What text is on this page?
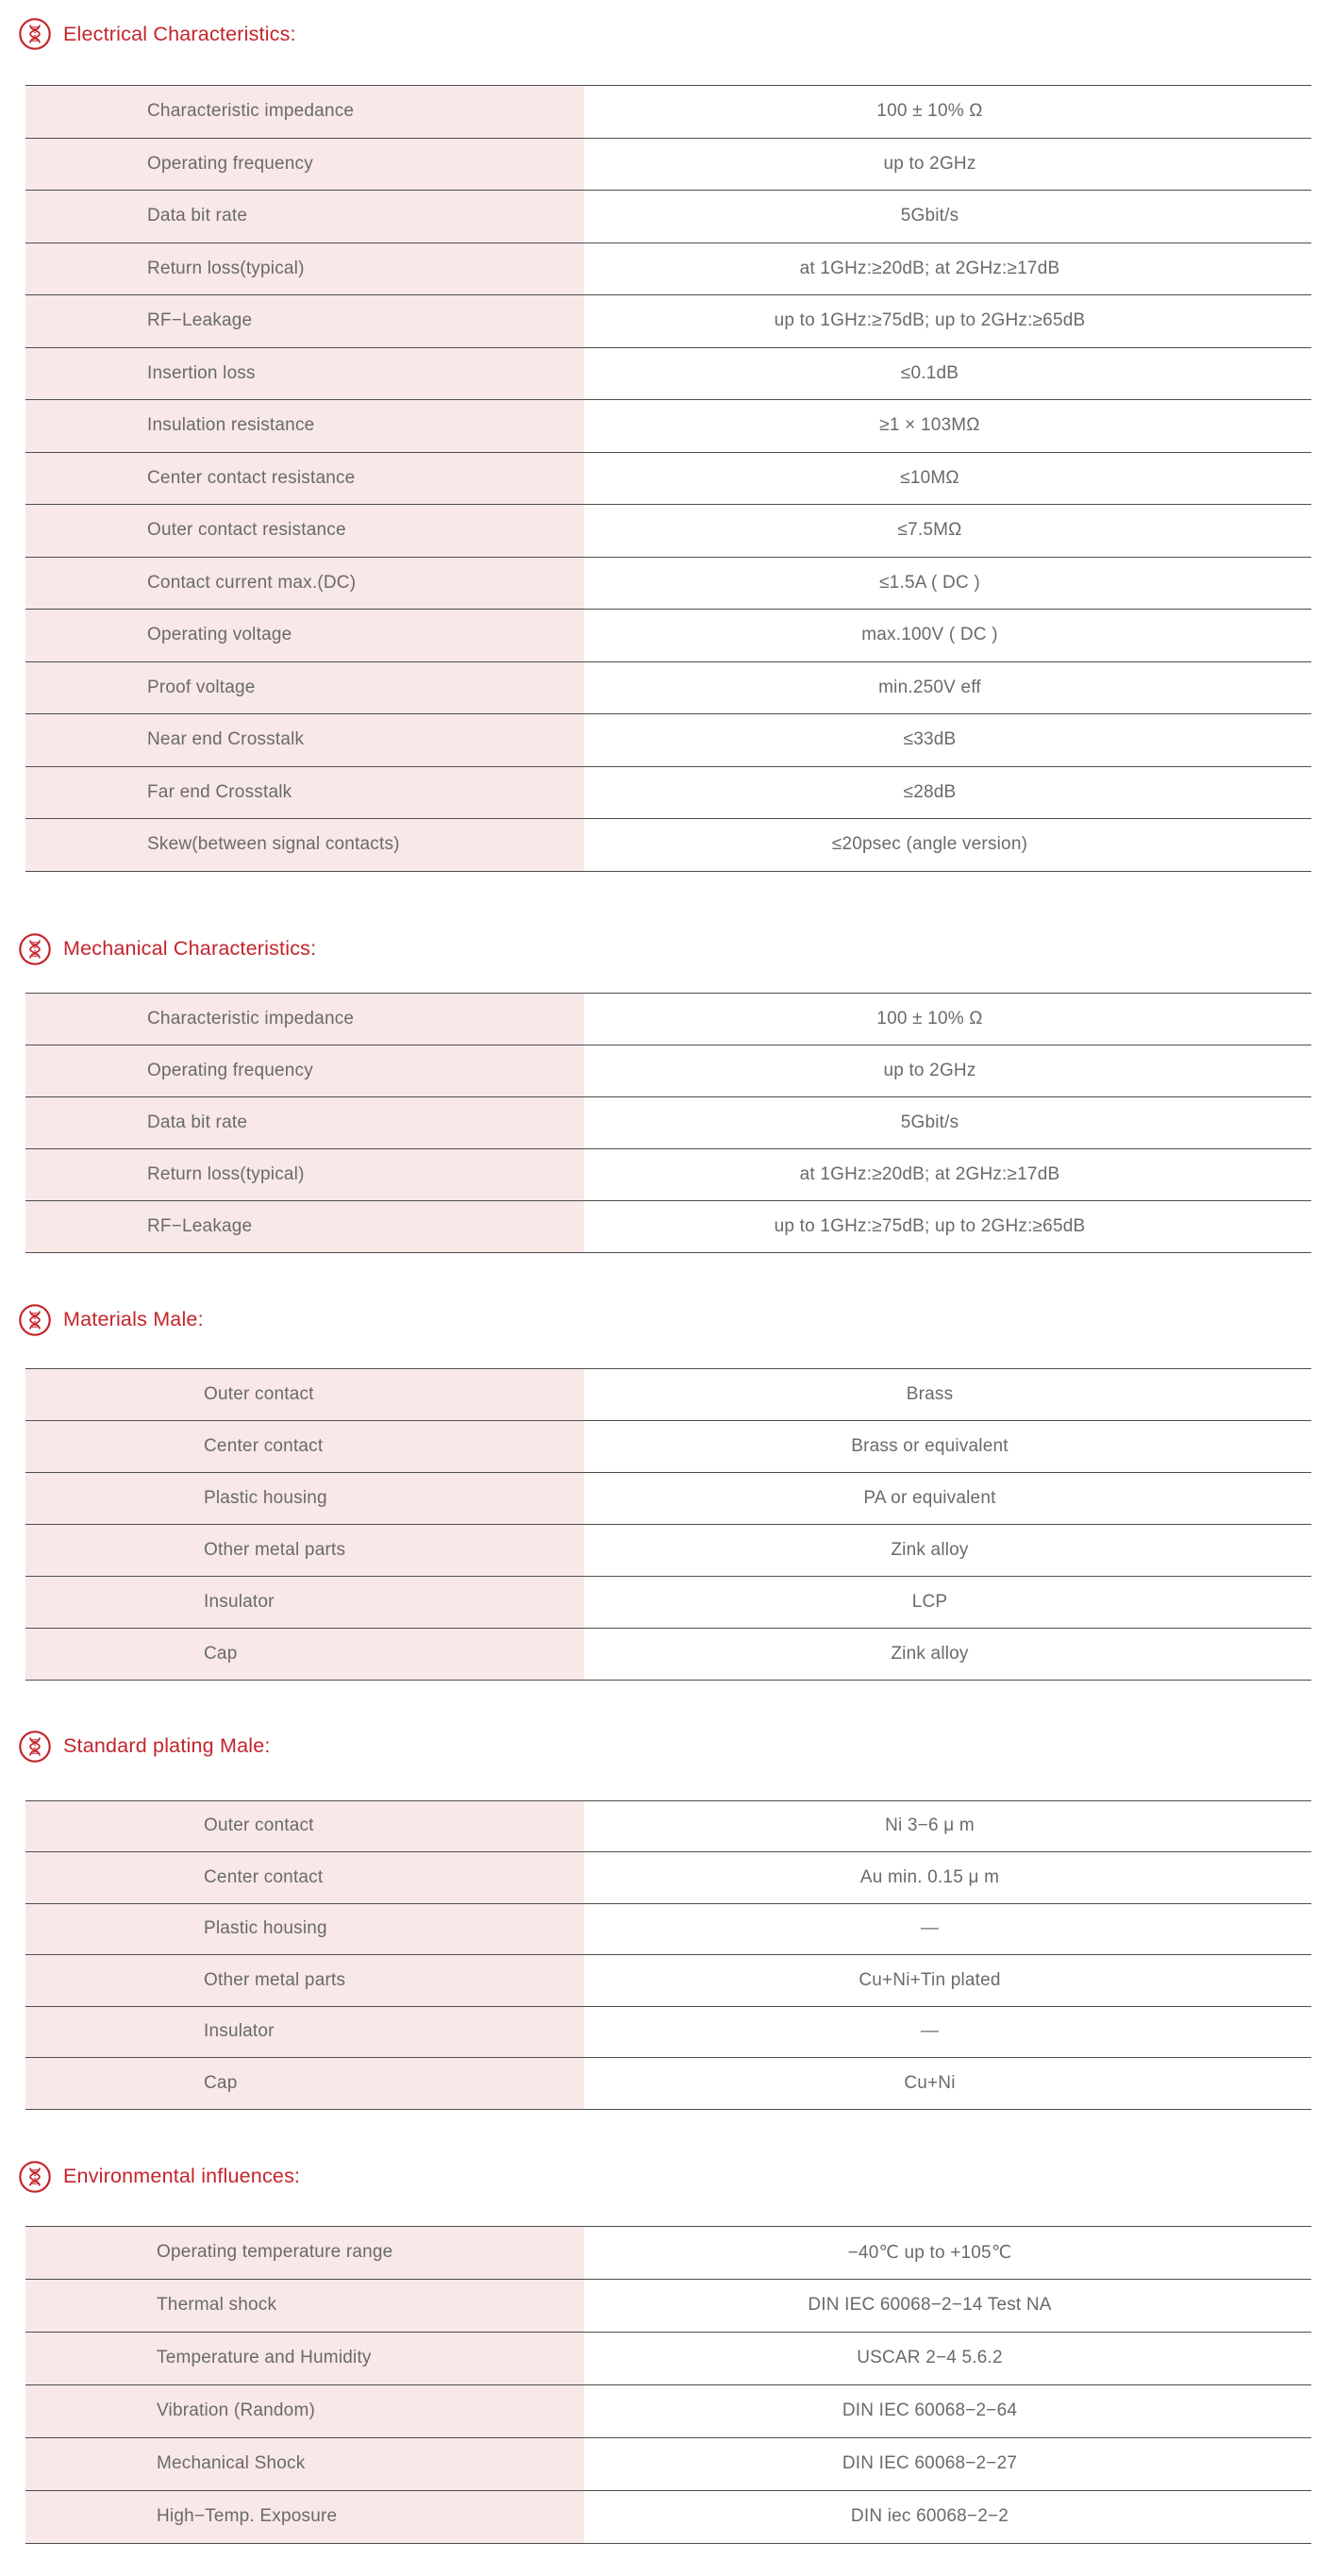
Electrical Characteristics:
Characteristic impedance	100 ± 10% Ω
Operating frequency	up to 2GHz
Data bit rate	5Gbit/s
Return loss(typical)	at 1GHz:≥20dB; at 2GHz:≥17dB
RF−Leakage	up to 1GHz:≥75dB; up to 2GHz:≥65dB
Insertion loss	≤0.1dB
Insulation resistance	≥1 × 103MΩ
Center contact resistance	≤10MΩ
Outer contact resistance	≤7.5MΩ
Contact current max.(DC)	≤1.5A ( DC )
Operating voltage	max.100V ( DC )
Proof voltage	min.250V eff
Near end Crosstalk	≤33dB
Far end Crosstalk	≤28dB
Skew(between signal contacts)	≤20psec (angle version)
Mechanical Characteristics:
Characteristic impedance	100 ± 10% Ω
Operating frequency	up to 2GHz
Data bit rate	5Gbit/s
Return loss(typical)	at 1GHz:≥20dB; at 2GHz:≥17dB
RF−Leakage	up to 1GHz:≥75dB; up to 2GHz:≥65dB
Materials Male:
Outer contact	Brass
Center contact	Brass or equivalent
Plastic housing	PA or equivalent
Other metal parts	Zink alloy
Insulator	LCP
Cap	Zink alloy
Standard plating Male:
Outer contact	Ni 3−6 μ m
Center contact	Au min. 0.15 μ m
Plastic housing	—
Other metal parts	Cu+Ni+Tin plated
Insulator	—
Cap	Cu+Ni
Environmental influences:
Operating temperature range	−40℃ up to +105℃
Thermal shock	DIN IEC 60068−2−14 Test NA
Temperature and Humidity	USCAR 2−4 5.6.2
Vibration (Random)	DIN IEC 60068−2−64
Mechanical Shock	DIN IEC 60068−2−27
High−Temp. Exposure	DIN iec 60068−2−2
